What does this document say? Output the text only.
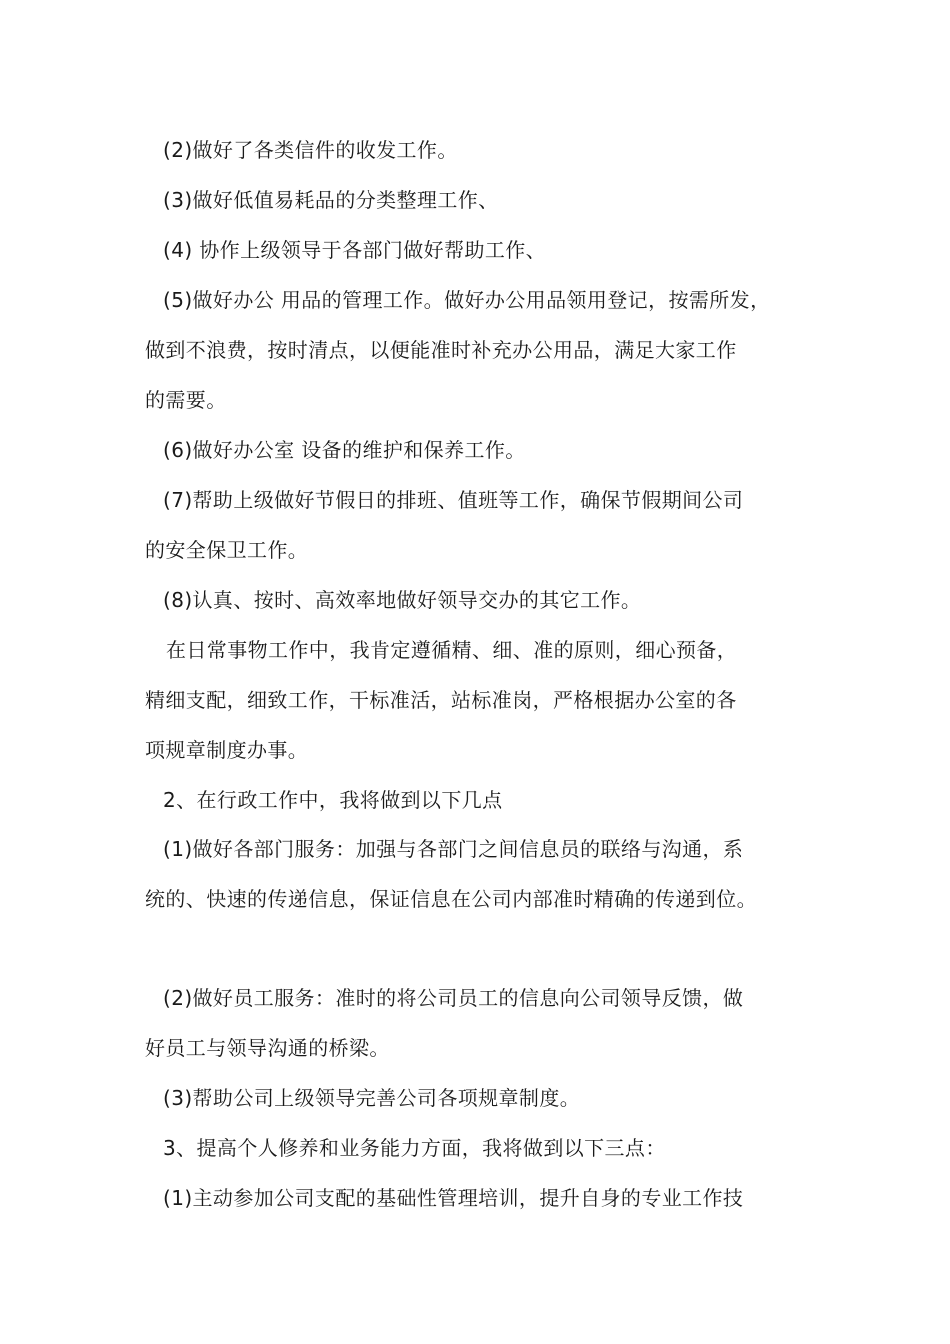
(2)做好了各类信件的收发工作。
(3)做好低值易耗品的分类整理工作、
(4) 协作上级领导于各部门做好帮助工作、
(5)做好办公 用品的管理工作。做好办公用品领用登记，按需所发，
做到不浪费，按时清点，以便能准时补充办公用品，满足大家工作
的需要。
(6)做好办公室 设备的维护和保养工作。
(7)帮助上级做好节假日的排班、值班等工作，确保节假期间公司
的安全保卫工作。
(8)认真、按时、高效率地做好领导交办的其它工作。
在日常事物工作中，我肯定遵循精、细、准的原则，细心预备，
精细支配，细致工作，干标准活，站标准岗，严格根据办公室的各
项规章制度办事。
2、在行政工作中，我将做到以下几点
(1)做好各部门服务：加强与各部门之间信息员的联络与沟通，系
统的、快速的传递信息，保证信息在公司内部准时精确的传递到位。
(2)做好员工服务：准时的将公司员工的信息向公司领导反馈，做
好员工与领导沟通的桥梁。
(3)帮助公司上级领导完善公司各项规章制度。
3、提高个人修养和业务能力方面，我将做到以下三点：
(1)主动参加公司支配的基础性管理培训，提升自身的专业工作技
